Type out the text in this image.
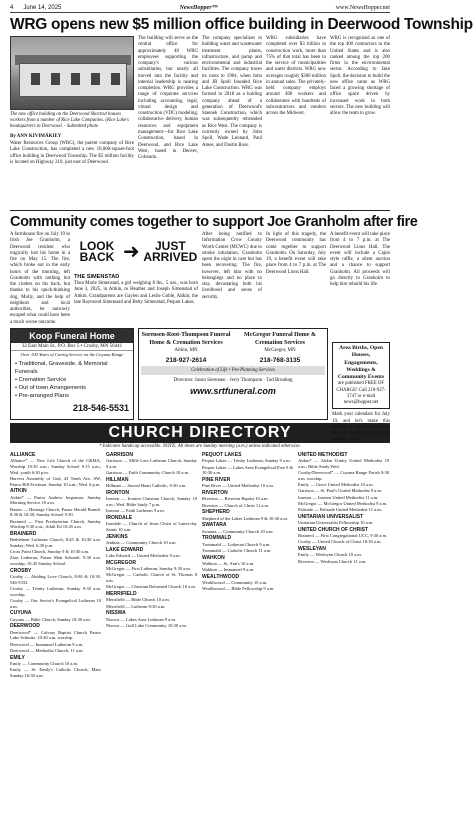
4 June 14, 2025	NewsHopper™	www.NewsHopper.net
WRG opens new $5 million office building in Deerwood Township
The new office building on the Deerwood Shortcut houses workers from a number of Rice Lake Companies. (Rice Lake's headquarters in Deerwood. - Submitted photo
By ANN KIVIMÄKIEY
Water Resources Group (WRG), the parent company of Rice Lake Construction, has completed a new 18,000-square-foot office building in Deerwood Township. The $5 million facility is located on Highway 210, just east of Deerwood.
The building will serve as the central office for approximately 40 WRG employees supporting the company's various subsidiaries, but nearly all moved into the facility and internal leadership is nearing completion. WRG provides a range of corporate services including accounting, legal, virtual design and construction (VDC) modeling, collaborative delivery, human resources and equipment management—for Rice Lake Construction, based in Deerwood, and Rice Lake West, based in Denver, Colorado.
The company specializes in building water and wastewater treatment plants, infrastructure, and pump and environmental and industrial facilities. The company traces its roots to 1984, when John and JR Spoll founded Rice Lake Construction. WRG was formed in 2018 as a holding company ahead of a generation of Deerwood's Staenek Construction, which was subsequently rebranded as Rice West. The company is currently owned by John Spoll, Wade Leonard, Paul Ames, and Dustin Ross.
WRG subsidiaries have completed over $3 billion in construction work, more than 75% of that total has been in the service of municipalities and water districts. WRG now averages roughly $300 million in annual sales. The privately-held company employs around 400 workers and collaborates with hundreds of subcontractors and vendors across the Midwest.
WRG is recognized as one of the top 400 contractors in the United States and is also ranked among the top 200 firms in the environmental sector. According to Jake Spoll, the decision to build the new office came as WRG faced a growing shortage of office space driven by increased work in both sectors. The new building will allow the team to grow.
Community comes together to support Joe Granholm after fire
A farmhouse fire on July 19 in Irish Joe Granholm, a Deerwood resident who tragically lost his home in a fire on May 15. The fire, which broke out in the early hours of the morning, left Granholm with nothing but the clothes on his back, but thanks to his quick-thinking dog, Molly, and the help of neighbors and local authorities, he narrowly escaped what could have been a much worse outcome.
LOOK BACK ➜	JUST ARRIVED
THE SIMENSTAD
Thea Marie Simenstad, a girl weighing 8 lbs., 5 ozs., was born June 3, 2025, in Aitkin, to Heather and Joseph Simenstad of Aitkin. Grandparents are Gaylen and Leslie Goble, Aitkin; the late Raymond Simenstad and Betty Simenstad, Pequot Lakes.
After being notified to Information Crow County Worth Center (MCWC) due to smoke inhalation, Granholm spent the night in care but has been recovering. The fire, however, left him with no belongings and no place to stay, devastating both his livelihood and sense of security.
In light of this tragedy, the Deerwood community has come together to support Granholm. On Saturday, July 19, a benefit event will take place from 4 to 7 p.m. at The Deerwood Lions Hall.
A benefit event will take place from 4 to 7 p.m. at The Deerwood Lions Hall. The event will include a Cajun style raffle, a silent auction and a chance to support Granholm. All proceeds will go directly to Granholm to help him rebuild his life.
Koop Funeral Home
32 East Main St., P.O. Box 5 • Crosby, MN 56441
Over 100 Years of Caring Service on the Cuyuna Range
• Traditional, Graveside, & Memorial Funerals
• Cremation Service
• Out of town Arrangements
• Pre-arranged Plans
218-546-5531
Sorensen-Root-Thompson Funeral Home & Cremation Services
Aitkin, MN
McGregor Funeral Home & Cremation Services
McGregor, MN
218-927-2614	218-768-3135
Celebration of Life • Pre-Planning Services
Directors: Jason Sorensen · Jerry Thompson · Tad Brouhng
www.srtfuneral.com
Area Births, Open Houses, Engagements, Weddings & Community Events
are published FREE OF CHARGE! Call 218-927-3747 or e-mail news@hopper.net
Mark your calendars for July 19, and let's make this benefit a success—because no one should have to face hardship alone.
CHURCH DIRECTORY
* Indicates handicap accessible. NOTE: All times are Sunday morning (a.m.) unless indicated otherwise.
ALLIANCE

Alliance* — New Life Church of the C&MA, Worship 10:30 a.m.; Sunday School 9:15 a.m.; Wed. youth 6:30 p.m.

Harvest Assembly of God, 43 Tenth Ave. SW, Pastor Bill Erickson. Sunday 10 a.m.; Wed. 6 p.m.

AITKIN

Aitkin* — Pastor Andrew Jergenson. Sunday Morning Service 10 a.m.

Baxter — Heritage Church, Pastor Herald Brandt. 8:30 & 10:30; Sunday School 9:30.

Brainerd — First Presbyterian Church, Sunday Worship 9:30 a.m.; Adult Ed 10:45 a.m.

BRAINERD

Bethlehem Lutheran Church, 8:45 & 10:30 a.m. Sunday; Wed. 6:30 p.m.

Cross Point Church, Sunday 9 & 10:30 a.m.

Zion Lutheran, Pastor Matt Schmidt. 9:30 a.m. worship; 10:45 Sunday School.

CROSBY

Crosby — Abiding Love Church, 8:00 & 10:30. 546-5333.

Crosby — Trinity Lutheran, Sunday 9:30 a.m. worship.

Crosby — Our Savior's Evangelical Lutheran 10 a.m.

CUYUNA

Cuyuna — Bible Church, Sunday 10:30 a.m.

DEERWOOD

Deerwood* — Calvary Baptist Church Pastor Luke Schmitz. 10:30 a.m. worship.

Deerwood — Immanuel Lutheran 9 a.m.

Deerwood — Methodist Church, 11 a.m.

EMILY

Emily — Community Church 10 a.m.

Emily — St. Emily's Catholic Church, Mass Sunday 10:30 a.m.

GARRISON

Garrison — Mille Lacs Lutheran Church, Sunday 9 a.m.

Garrison — Faith Community Church 10 a.m.

HILLMAN

Hillman — Sacred Heart Catholic, 9:30 a.m.

IRONTON

Ironton — Ironton Christian Church, Sunday 10 a.m.; Wed. Bible Study 7 p.m.

Ironton — Faith Lutheran 9 a.m.

IRONDALE

Irondale — Church of Jesus Christ of Latter-day Saints 10 a.m.

JENKINS

Jenkins — Community Church 10 a.m.

LAKE EDWARD

Lake Edward — United Methodist 9 a.m.

MCGREGOR

McGregor — First Lutheran, Sunday 9:30 a.m.

McGregor — Catholic Church of St. Thomas 8 a.m.

McGregor — Christian Reformed Church 10 a.m.

MERRIFIELD

Merrifield — Bible Church 10 a.m.

Merrifield — Lutheran 9:30 a.m.

NISSWA

Nisswa — Lakes Area Lutheran 9 a.m.

Nisswa — Gull Lake Community 10:30 a.m.

PEQUOT LAKES

Pequot Lakes — Trinity Lutheran, Sunday 9 a.m.

Pequot Lakes — Lakes Area Evangelical Free 9 & 10:30 a.m.

PINE RIVER

Pine River — United Methodist 10 a.m.

RIVERTON

Riverton — Riverton Baptist 10 a.m.

Riverton — Church of Christ 11 a.m.

SHEPHERD

Shepherd of the Lakes Lutheran 9 & 10:30 a.m.

SWATARA

Swatara — Community Church 10 a.m.

TROMMALD

Trommald — Lutheran Church 9 a.m.

Trommald — Catholic Church 11 a.m.

WAHKON

Wahkon — St. Ann's 10 a.m.

Wahkon — Immanuel 9 a.m.

WEALTHWOOD

Wealthwood — Community 10 a.m.

Wealthwood — Bible Fellowship 9 a.m.

UNITED METHODIST

Aitkin* — Aitkin Trinity United Methodist 10 a.m.; Bible Study Wed.

Crosby/Deerwood* — Cuyuna Range Parish 9:30 a.m. worship.

Emily — Grace United Methodist 10 a.m.

Garrison — St. Paul's United Methodist 9 a.m.

Ironton — Ironton United Methodist 11 a.m.

McGregor — McGregor United Methodist 9 a.m.

Palisade — Palisade United Methodist 11 a.m.

UNITARIAN UNIVERSALIST

Unitarian Universalist Fellowship 10 a.m.

UNITED CHURCH OF CHRIST

Brainerd — First Congregational UCC, 9:30 a.m.

Crosby — United Church of Christ 10:30 a.m.

WESLEYAN

Emily — Wesleyan Church 10 a.m.

Riverton — Wesleyan Church 11 a.m.
